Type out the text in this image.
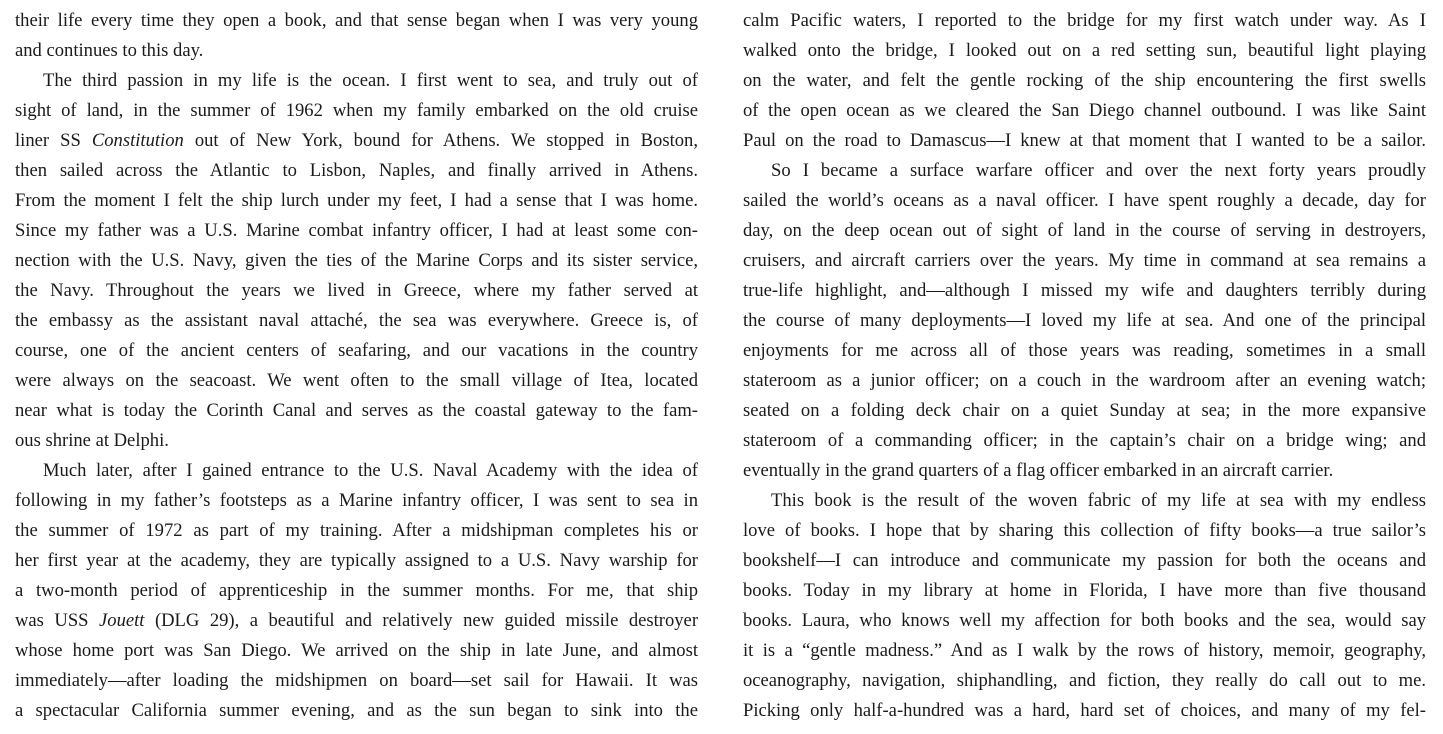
their life every time they open a book, and that sense began when I was very young
and continues to this day.
The third passion in my life is the ocean. I first went to sea, and truly out of
sight of land, in the summer of 1962 when my family embarked on the old cruise
liner SS Constitution out of New York, bound for Athens. We stopped in Boston,
then sailed across the Atlantic to Lisbon, Naples, and finally arrived in Athens.
From the moment I felt the ship lurch under my feet, I had a sense that I was home.
Since my father was a U.S. Marine combat infantry officer, I had at least some con-
nection with the U.S. Navy, given the ties of the Marine Corps and its sister service,
the Navy. Throughout the years we lived in Greece, where my father served at
the embassy as the assistant naval attaché, the sea was everywhere. Greece is, of
course, one of the ancient centers of seafaring, and our vacations in the country
were always on the seacoast. We went often to the small village of Itea, located
near what is today the Corinth Canal and serves as the coastal gateway to the fam-
ous shrine at Delphi.
Much later, after I gained entrance to the U.S. Naval Academy with the idea of
following in my father’s footsteps as a Marine infantry officer, I was sent to sea in
the summer of 1972 as part of my training. After a midshipman completes his or
her first year at the academy, they are typically assigned to a U.S. Navy warship for
a two-month period of apprenticeship in the summer months. For me, that ship
was USS Jouett (DLG 29), a beautiful and relatively new guided missile destroyer
whose home port was San Diego. We arrived on the ship in late June, and almost
immediately—after loading the midshipmen on board—set sail for Hawaii. It was
a spectacular California summer evening, and as the sun began to sink into the
calm Pacific waters, I reported to the bridge for my first watch under way. As I
walked onto the bridge, I looked out on a red setting sun, beautiful light playing
on the water, and felt the gentle rocking of the ship encountering the first swells
of the open ocean as we cleared the San Diego channel outbound. I was like Saint
Paul on the road to Damascus—I knew at that moment that I wanted to be a sailor.
So I became a surface warfare officer and over the next forty years proudly
sailed the world’s oceans as a naval officer. I have spent roughly a decade, day for
day, on the deep ocean out of sight of land in the course of serving in destroyers,
cruisers, and aircraft carriers over the years. My time in command at sea remains a
true-life highlight, and—although I missed my wife and daughters terribly during
the course of many deployments—I loved my life at sea. And one of the principal
enjoyments for me across all of those years was reading, sometimes in a small
stateroom as a junior officer; on a couch in the wardroom after an evening watch;
seated on a folding deck chair on a quiet Sunday at sea; in the more expansive
stateroom of a commanding officer; in the captain’s chair on a bridge wing; and
eventually in the grand quarters of a flag officer embarked in an aircraft carrier.
This book is the result of the woven fabric of my life at sea with my endless
love of books. I hope that by sharing this collection of fifty books—a true sailor’s
bookshelf—I can introduce and communicate my passion for both the oceans and
books. Today in my library at home in Florida, I have more than five thousand
books. Laura, who knows well my affection for both books and the sea, would say
it is a “gentle madness.” And as I walk by the rows of history, memoir, geography,
oceanography, navigation, shiphandling, and fiction, they really do call out to me.
Picking only half-a-hundred was a hard, hard set of choices, and many of my fel-
